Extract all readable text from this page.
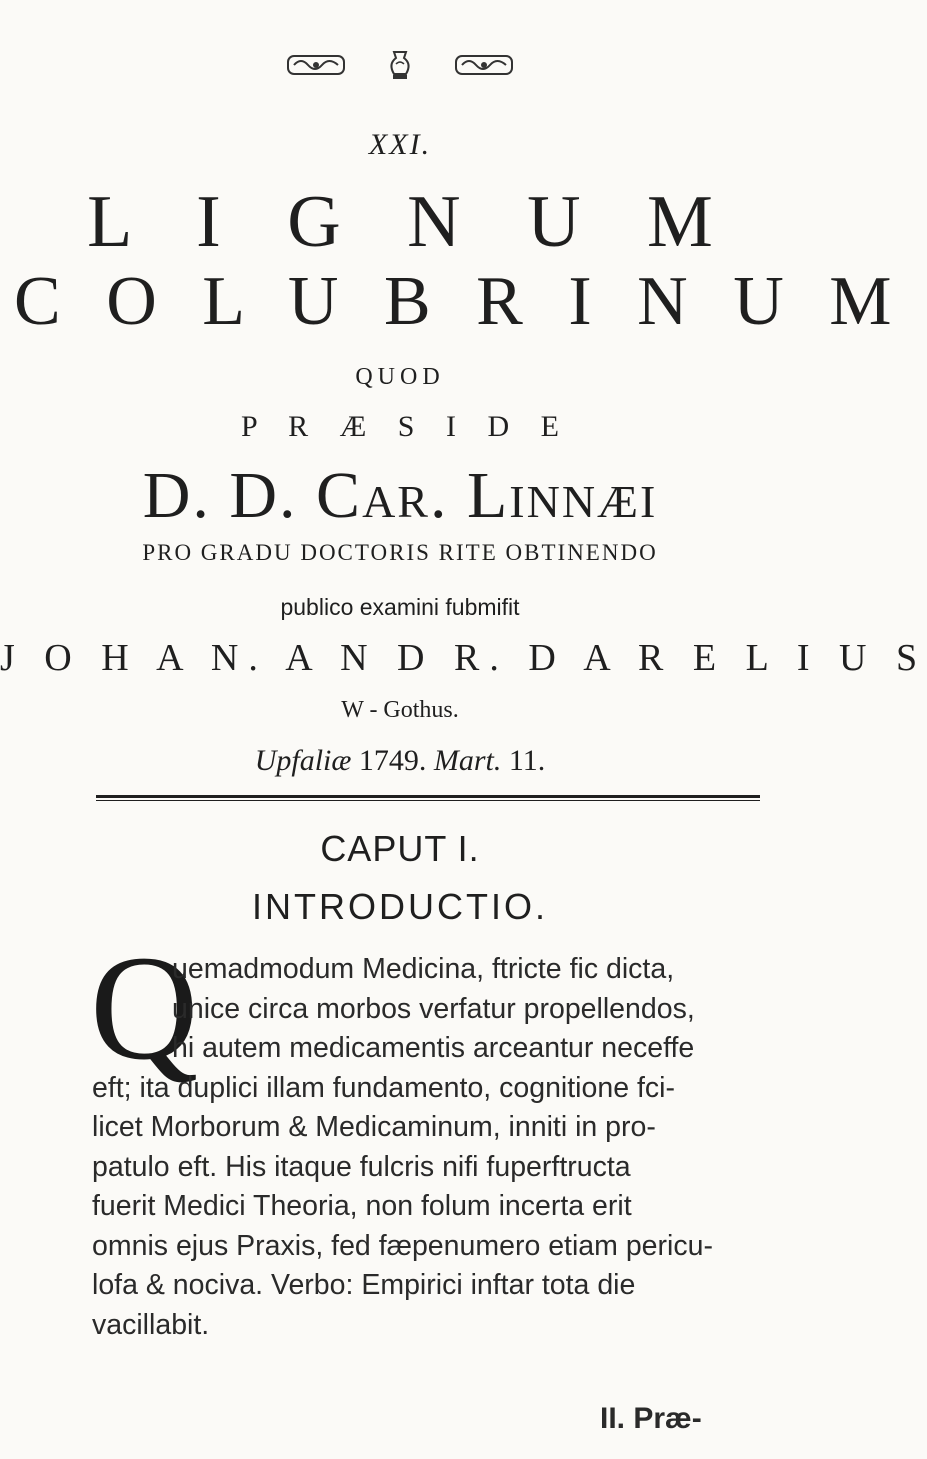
XXI.
L I G N U M
C O L U B R I N U M
QUOD
P R Æ S I D E
D. D. Car. Linnæi
PRO GRADU DOCTORIS RITE OBTINENDO
publico examini fubmifit
J O H A N. A N D R. D A R E L I U S
W - Gothus.
Upfaliæ 1749. Mart. 11.
CAPUT I.
INTRODUCTIO.
Q
uemadmodum Medicina, ftricte fic dicta,
unice circa morbos verfatur propellendos,
hi autem medicamentis arceantur neceffe
eft; ita duplici illam fundamento, cognitione fci-
licet Morborum & Medicaminum, inniti in pro-
patulo eft. His itaque fulcris nifi fuperftructa
fuerit Medici Theoria, non folum incerta erit
omnis ejus Praxis, fed fæpenumero etiam pericu-
lofa & nociva. Verbo: Empirici inftar tota die
vacillabit.
II. Præ-
